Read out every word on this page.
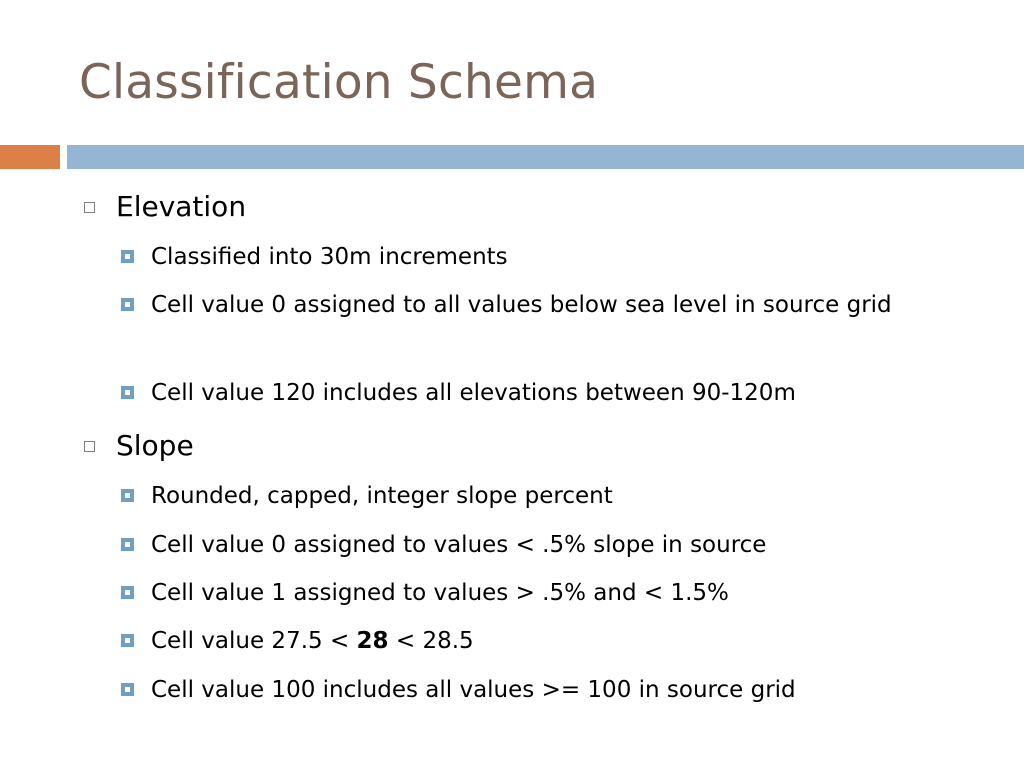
Classification Schema
Elevation
Classified into 30m increments
Cell value 0 assigned to all values below sea level in source grid
Cell value 120 includes all elevations between 90-120m
Slope
Rounded, capped, integer slope percent
Cell value 0 assigned to values < .5% slope in source
Cell value 1 assigned to values > .5% and < 1.5%
Cell value 27.5 < 28 < 28.5
Cell value 100 includes all values >= 100 in source grid
